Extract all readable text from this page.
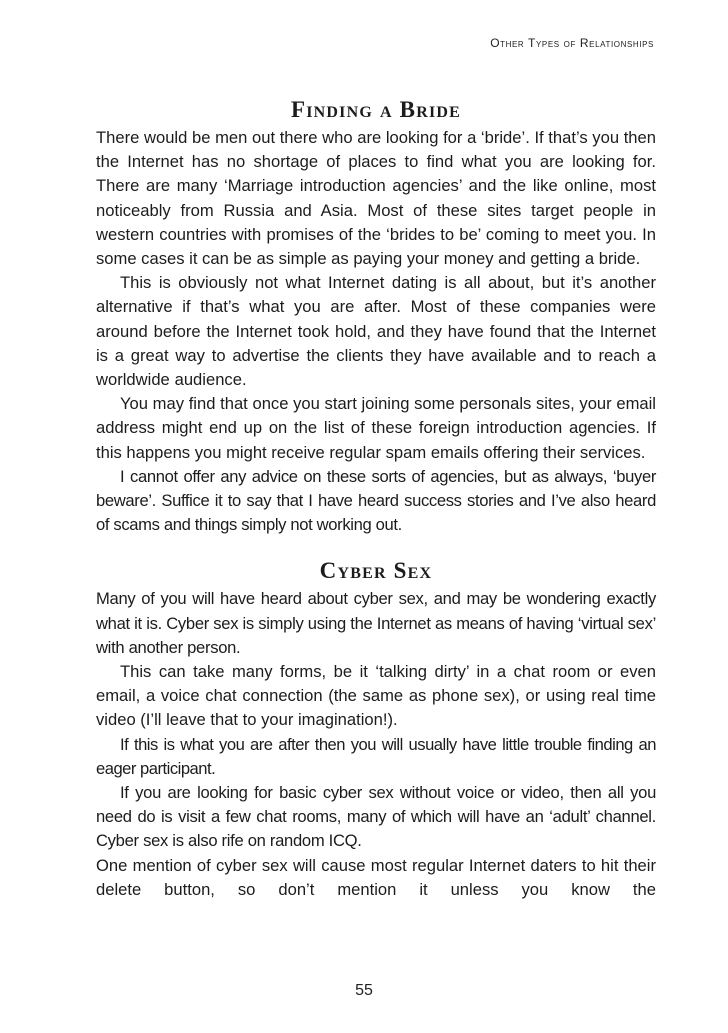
Other Types of Relationships
Finding a Bride

There would be men out there who are looking for a ‘bride’. If that’s you then the Internet has no shortage of places to find what you are looking for. There are many ‘Marriage introduction agencies’ and the like online, most noticeably from Russia and Asia. Most of these sites target people in western countries with promises of the ‘brides to be’ coming to meet you. In some cases it can be as simple as paying your money and getting a bride.

This is obviously not what Internet dating is all about, but it’s another alternative if that’s what you are after. Most of these companies were around before the Internet took hold, and they have found that the Internet is a great way to advertise the clients they have available and to reach a worldwide audience.

You may find that once you start joining some personals sites, your email address might end up on the list of these foreign introduction agencies. If this happens you might receive regular spam emails offering their services.

I cannot offer any advice on these sorts of agencies, but as always, ‘buyer beware’. Suffice it to say that I have heard success stories and I’ve also heard of scams and things simply not working out.

Cyber Sex

Many of you will have heard about cyber sex, and may be wondering exactly what it is. Cyber sex is simply using the Internet as means of having ‘virtual sex’ with another person.

This can take many forms, be it ‘talking dirty’ in a chat room or even email, a voice chat connection (the same as phone sex), or using real time video (I’ll leave that to your imagination!).

If this is what you are after then you will usually have little trouble finding an eager participant.

If you are looking for basic cyber sex without voice or video, then all you need do is visit a few chat rooms, many of which will have an ‘adult’ channel. Cyber sex is also rife on random ICQ.

One mention of cyber sex will cause most regular Internet daters to hit their delete button, so don’t mention it unless you know the

55
